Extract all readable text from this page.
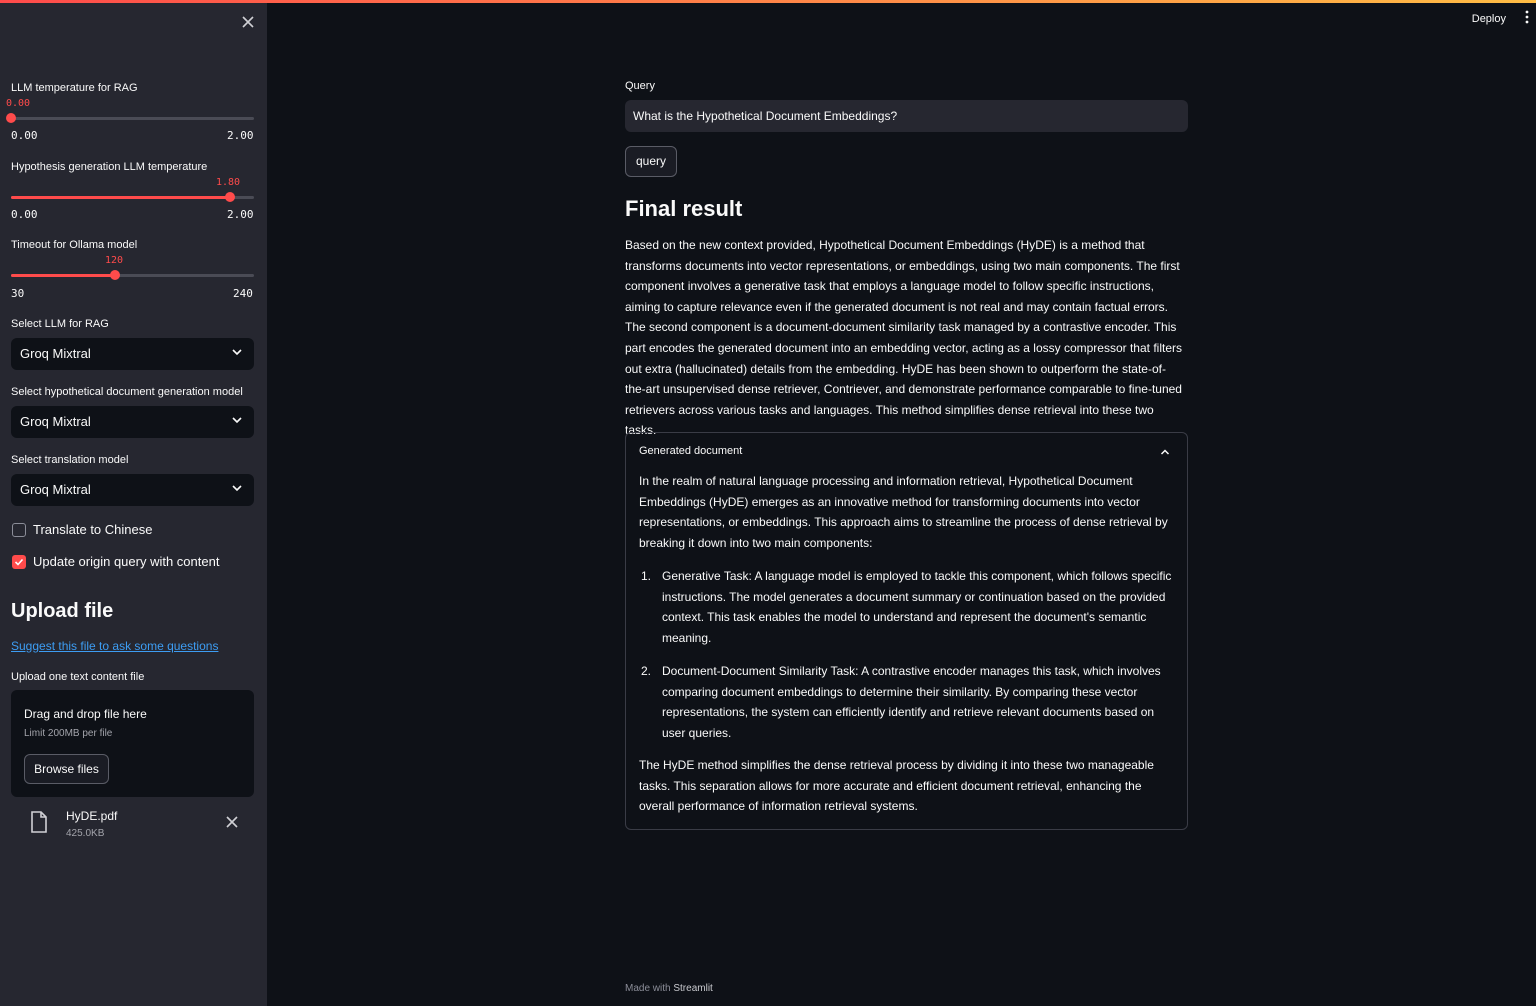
LLM temperature for RAG
0.00
0.00	2.00
Hypothesis generation LLM temperature
1.80
0.00	2.00
Timeout for Ollama model
120
30	240
Select LLM for RAG
Groq Mixtral
Select hypothetical document generation model
Groq Mixtral
Select translation model
Groq Mixtral
Translate to Chinese
Update origin query with content
Upload file
Suggest this file to ask some questions
Upload one text content file
Drag and drop file here
Limit 200MB per file
Browse files
HyDE.pdf
425.0KB
Deploy
Query
What is the Hypothetical Document Embeddings?
query
Final result
Based on the new context provided, Hypothetical Document Embeddings (HyDE) is a method that
transforms documents into vector representations, or embeddings, using two main components. The first
component involves a generative task that employs a language model to follow specific instructions,
aiming to capture relevance even if the generated document is not real and may contain factual errors.
The second component is a document-document similarity task managed by a contrastive encoder. This
part encodes the generated document into an embedding vector, acting as a lossy compressor that filters
out extra (hallucinated) details from the embedding. HyDE has been shown to outperform the state-of-
the-art unsupervised dense retriever, Contriever, and demonstrate performance comparable to fine-tuned
retrievers across various tasks and languages. This method simplifies dense retrieval into these two tasks.
Generated document
In the realm of natural language processing and information retrieval, Hypothetical Document
Embeddings (HyDE) emerges as an innovative method for transforming documents into vector
representations, or embeddings. This approach aims to streamline the process of dense retrieval by
breaking it down into two main components:
1. Generative Task: A language model is employed to tackle this component, which follows specific
instructions. The model generates a document summary or continuation based on the provided
context. This task enables the model to understand and represent the document's semantic
meaning.
2. Document-Document Similarity Task: A contrastive encoder manages this task, which involves
comparing document embeddings to determine their similarity. By comparing these vector
representations, the system can efficiently identify and retrieve relevant documents based on
user queries.
The HyDE method simplifies the dense retrieval process by dividing it into these two manageable
tasks. This separation allows for more accurate and efficient document retrieval, enhancing the
overall performance of information retrieval systems.
Made with Streamlit
